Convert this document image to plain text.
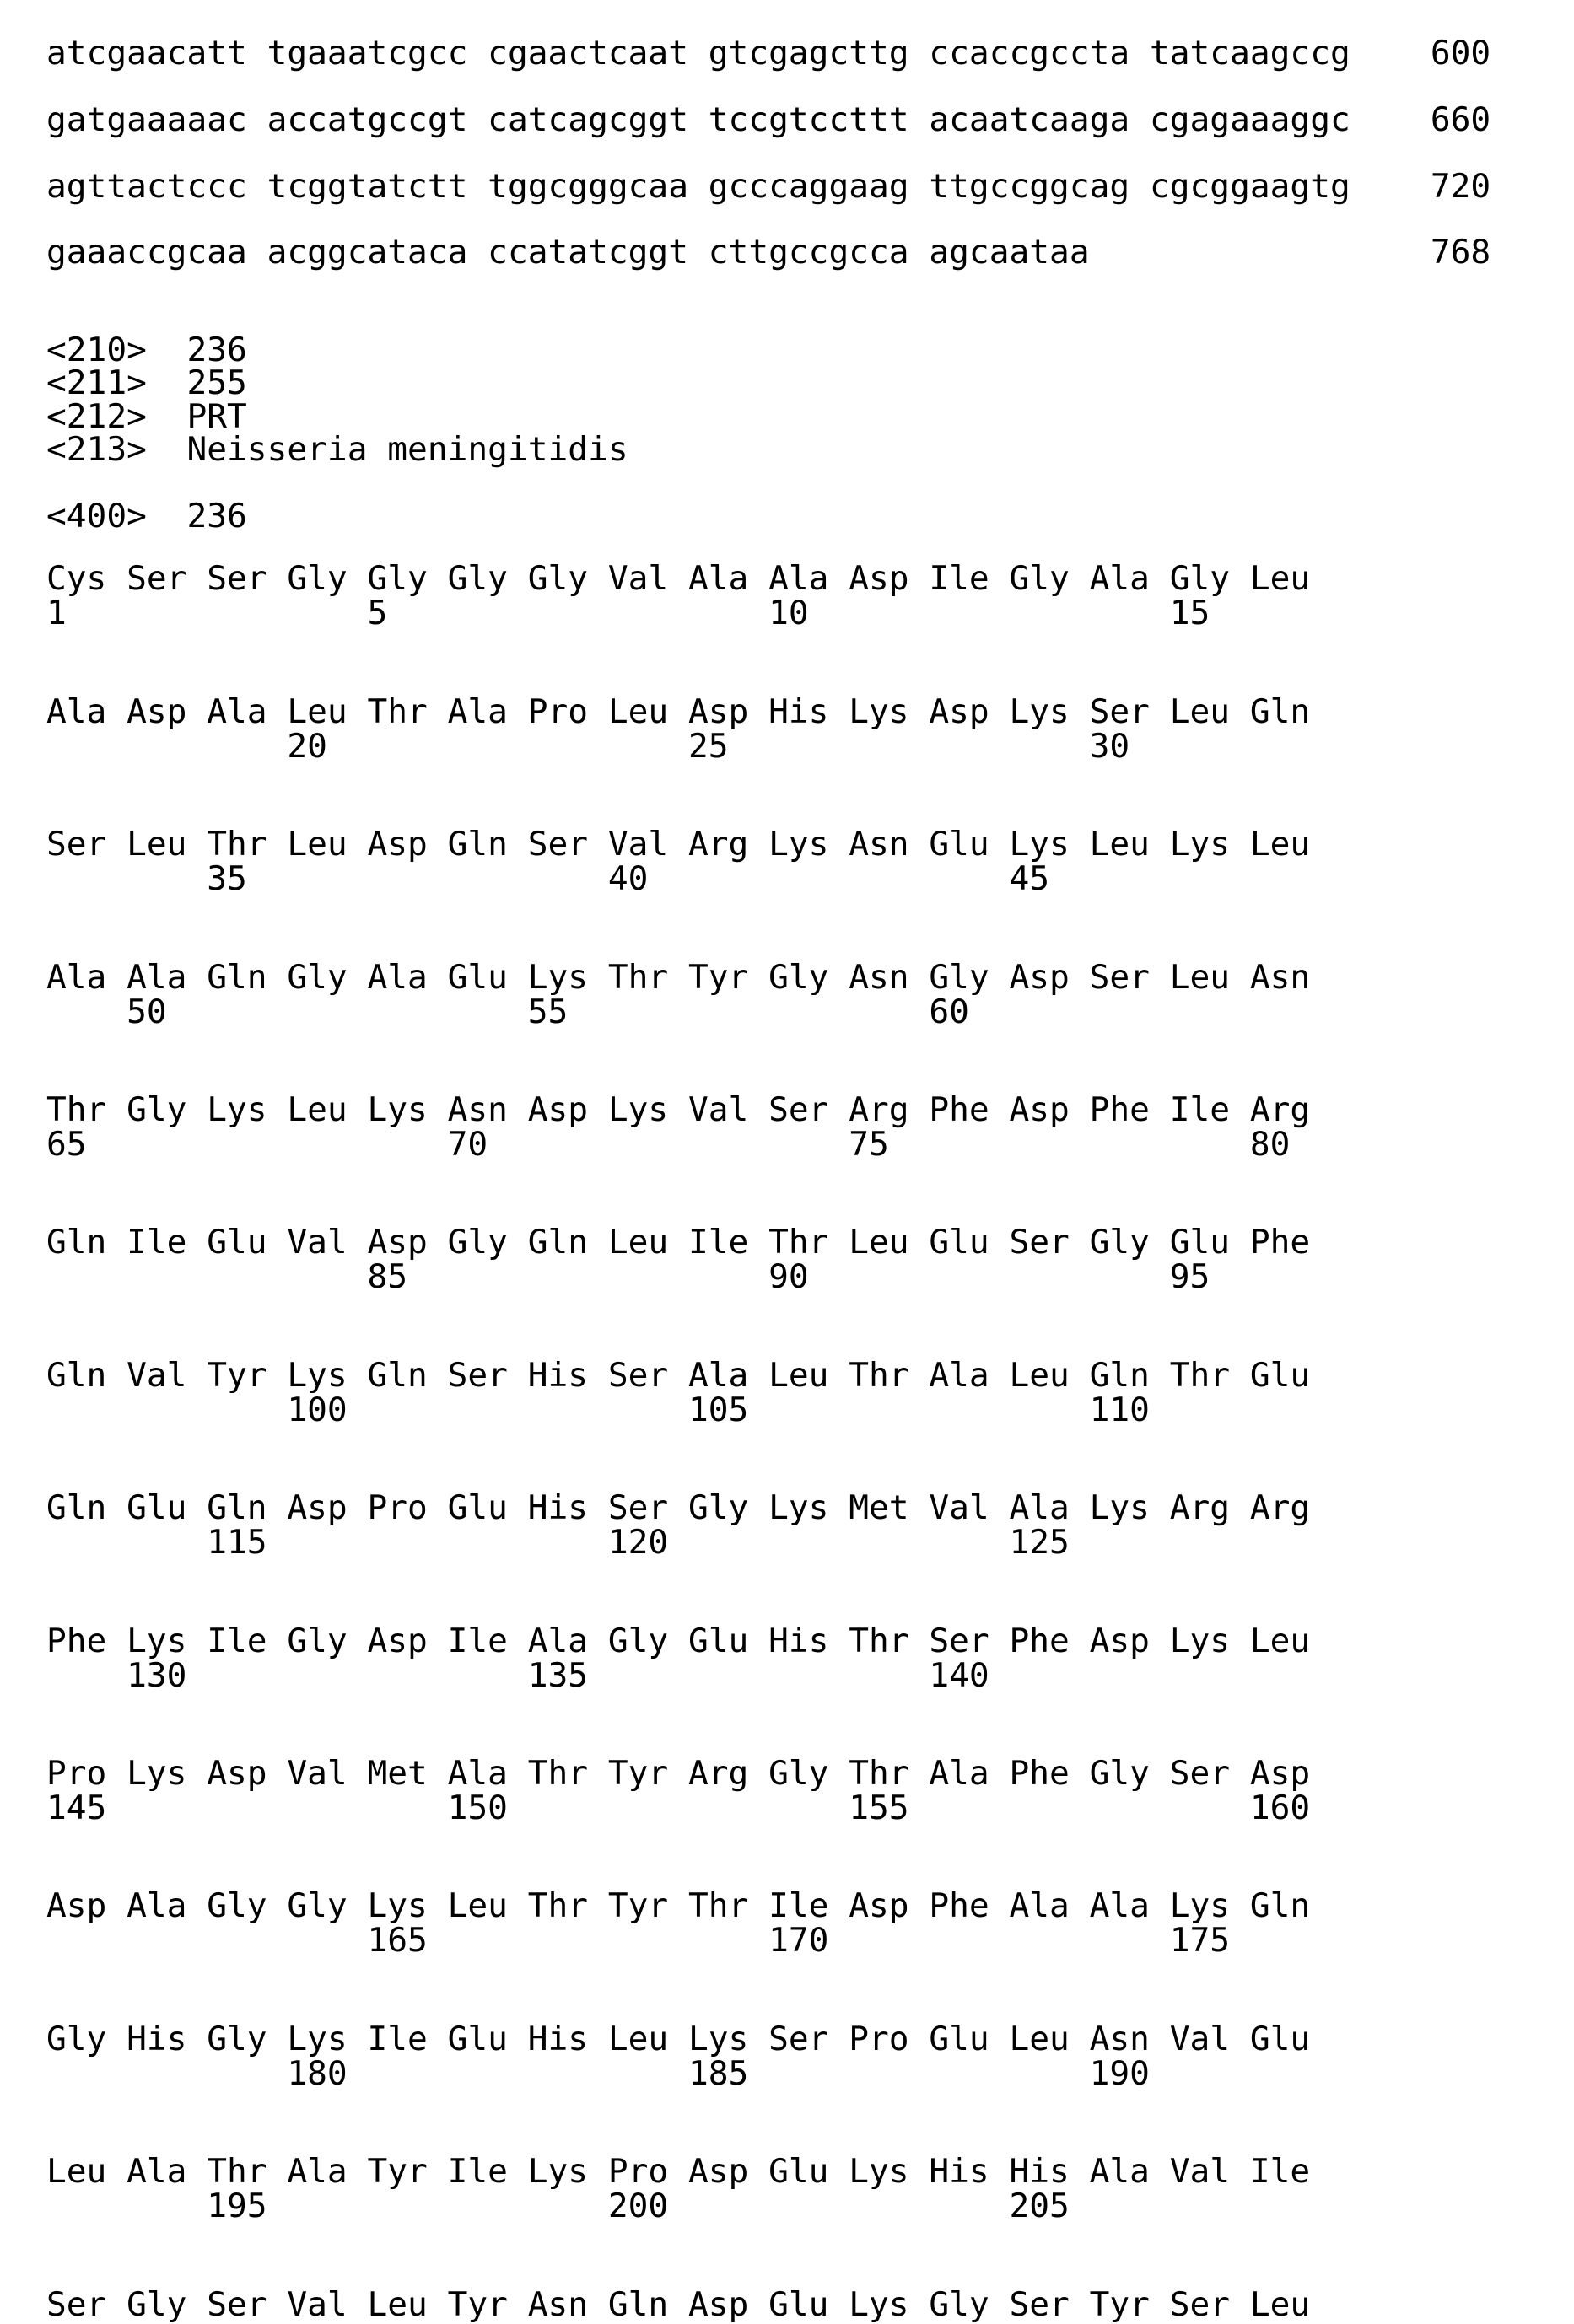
atcgaacatt tgaaatcgcc cgaactcaat gtcgagcttg ccaccgccta tatcaagccg 600
gatgaaaaac accatgccgt catcagcggt tccgtccttt acaatcaaga cgagaaaggc 660
agttactccc tcggtatctt tggcgggcaa gcccaggaag ttgccggcag cgcggaagtg 720
gaaaccgcaa acggcataca ccatatcggt cttgccgcca agcaataa	768
<210> 236
<211> 255
<212> PRT
<213> Neisseria meningitidis
<400> 236
Cys Ser Ser Gly Gly Gly Gly Val Ala Ala Asp Ile Gly Ala Gly Leu
1               5                   10                  15
Ala Asp Ala Leu Thr Ala Pro Leu Asp His Lys Asp Lys Ser Leu Gln
20                  25                  30
Ser Leu Thr Leu Asp Gln Ser Val Arg Lys Asn Glu Lys Leu Lys Leu
35                  40                  45
Ala Ala Gln Gly Ala Glu Lys Thr Tyr Gly Asn Gly Asp Ser Leu Asn
50                  55                  60
Thr Gly Lys Leu Lys Asn Asp Lys Val Ser Arg Phe Asp Phe Ile Arg
65                  70                  75                  80
Gln Ile Glu Val Asp Gly Gln Leu Ile Thr Leu Glu Ser Gly Glu Phe
85                  90                  95
Gln Val Tyr Lys Gln Ser His Ser Ala Leu Thr Ala Leu Gln Thr Glu
100                 105                 110
Gln Glu Gln Asp Pro Glu His Ser Gly Lys Met Val Ala Lys Arg Arg
115                 120                 125
Phe Lys Ile Gly Asp Ile Ala Gly Glu His Thr Ser Phe Asp Lys Leu
130                 135                 140
Pro Lys Asp Val Met Ala Thr Tyr Arg Gly Thr Ala Phe Gly Ser Asp
145                 150                 155                 160
Asp Ala Gly Gly Lys Leu Thr Tyr Thr Ile Asp Phe Ala Ala Lys Gln
165                 170                 175
Gly His Gly Lys Ile Glu His Leu Lys Ser Pro Glu Leu Asn Val Glu
180                 185                 190
Leu Ala Thr Ala Tyr Ile Lys Pro Asp Glu Lys His His Ala Val Ile
195                 200                 205
Ser Gly Ser Val Leu Tyr Asn Gln Asp Glu Lys Gly Ser Tyr Ser Leu
